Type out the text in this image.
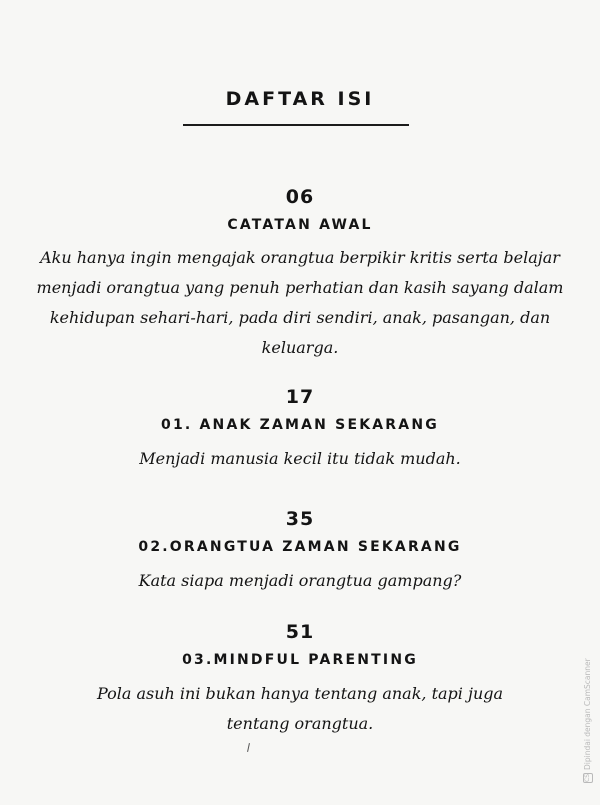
DAFTAR ISI
06
CATATAN AWAL
Aku hanya ingin mengajak orangtua berpikir kritis serta belajar menjadi orangtua yang penuh perhatian dan kasih sayang dalam kehidupan sehari-hari, pada diri sendiri, anak, pasangan, dan keluarga.
17
01. ANAK ZAMAN SEKARANG
Menjadi manusia kecil itu tidak mudah.
35
02.ORANGTUA ZAMAN SEKARANG
Kata siapa menjadi orangtua gampang?
51
03.MINDFUL PARENTING
Pola asuh ini bukan hanya tentang anak, tapi juga tentang orangtua.
CSDipindai dengan CamScanner
